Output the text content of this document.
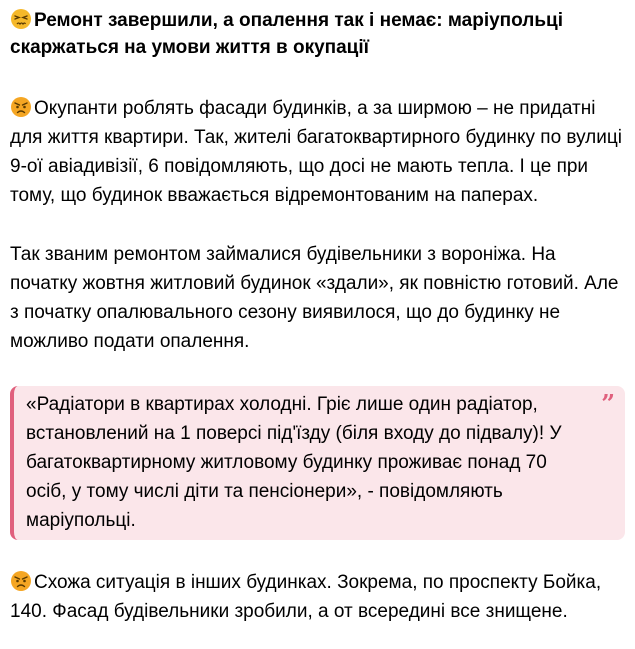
Ремонт завершили, а опалення так і немає: маріупольці скаржаться на умови життя в окупації
Окупанти роблять фасади будинків, а за ширмою – не придатні для життя квартири. Так, жителі багатоквартирного будинку по вулиці 9-ої авіадивізії, 6 повідомляють, що досі не мають тепла. І це при тому, що будинок вважається відремонтованим на паперах.
Так званим ремонтом займалися будівельники з вороніжа. На початку жовтня житловий будинок «здали», як повністю готовий. Але з початку опалювального сезону виявилося, що до будинку не можливо подати опалення.
«Радіатори в квартирах холодні. Гріє лише один радіатор, встановлений на 1 поверсі під'їзду (біля входу до підвалу)! У багатоквартирному житловому будинку проживає понад 70 осіб, у тому числі діти та пенсіонери», - повідомляють маріупольці.
”
Схожа ситуація в інших будинках. Зокрема, по проспекту Бойка, 140. Фасад будівельники зробили, а от всередині все знищене.
